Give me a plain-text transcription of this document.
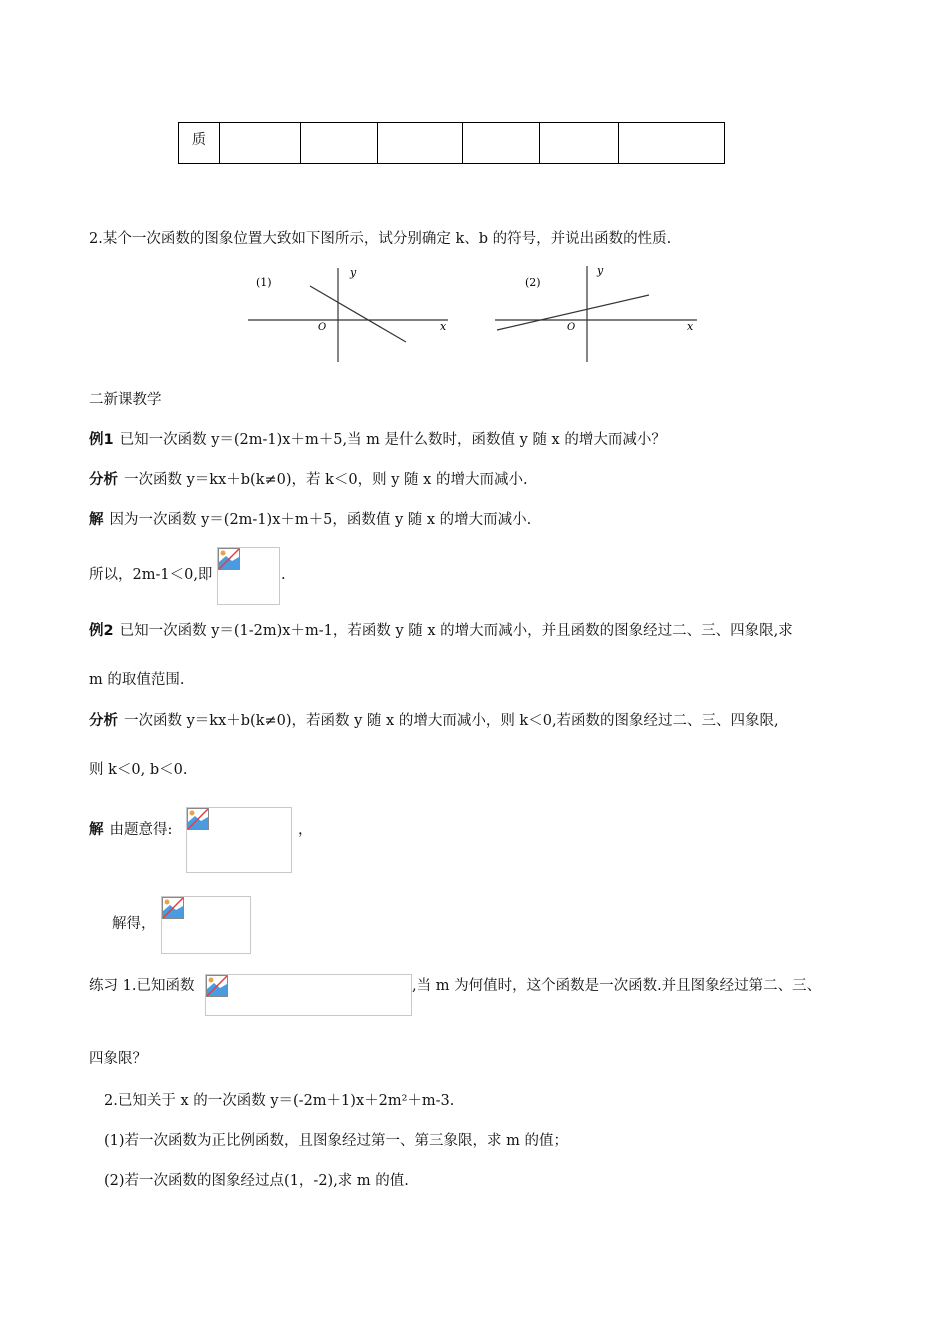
质						
2.某个一次函数的图象位置大致如下图所示，试分别确定 k、b 的符号，并说出函数的性质.
(1)
y
x
O
(2)
y
x
O
二新课教学
例1 已知一次函数 y＝(2m-1)x＋m＋5,当 m 是什么数时，函数值 y 随 x 的增大而减小？
分析 一次函数 y＝kx＋b(k≠0)，若 k＜0，则 y 随 x 的增大而减小.
解 因为一次函数 y＝(2m-1)x＋m＋5，函数值 y 随 x 的增大而减小.
所以，2m-1＜0,即	.
例2 已知一次函数 y＝(1-2m)x＋m-1，若函数 y 随 x 的增大而减小，并且函数的图象经过二、三、四象限,求
m 的取值范围.
分析 一次函数 y＝kx＋b(k≠0)，若函数 y 随 x 的增大而减小，则 k＜0,若函数的图象经过二、三、四象限,
则 k＜0, b＜0.
解 由题意得:	，
解得，
练习 1.已知函数	,当 m 为何值时，这个函数是一次函数.并且图象经过第二、三、
四象限？
2.已知关于 x 的一次函数 y＝(-2m＋1)x＋2m²＋m-3.
(1)若一次函数为正比例函数，且图象经过第一、第三象限，求 m 的值；
(2)若一次函数的图象经过点(1，-2),求 m 的值.
